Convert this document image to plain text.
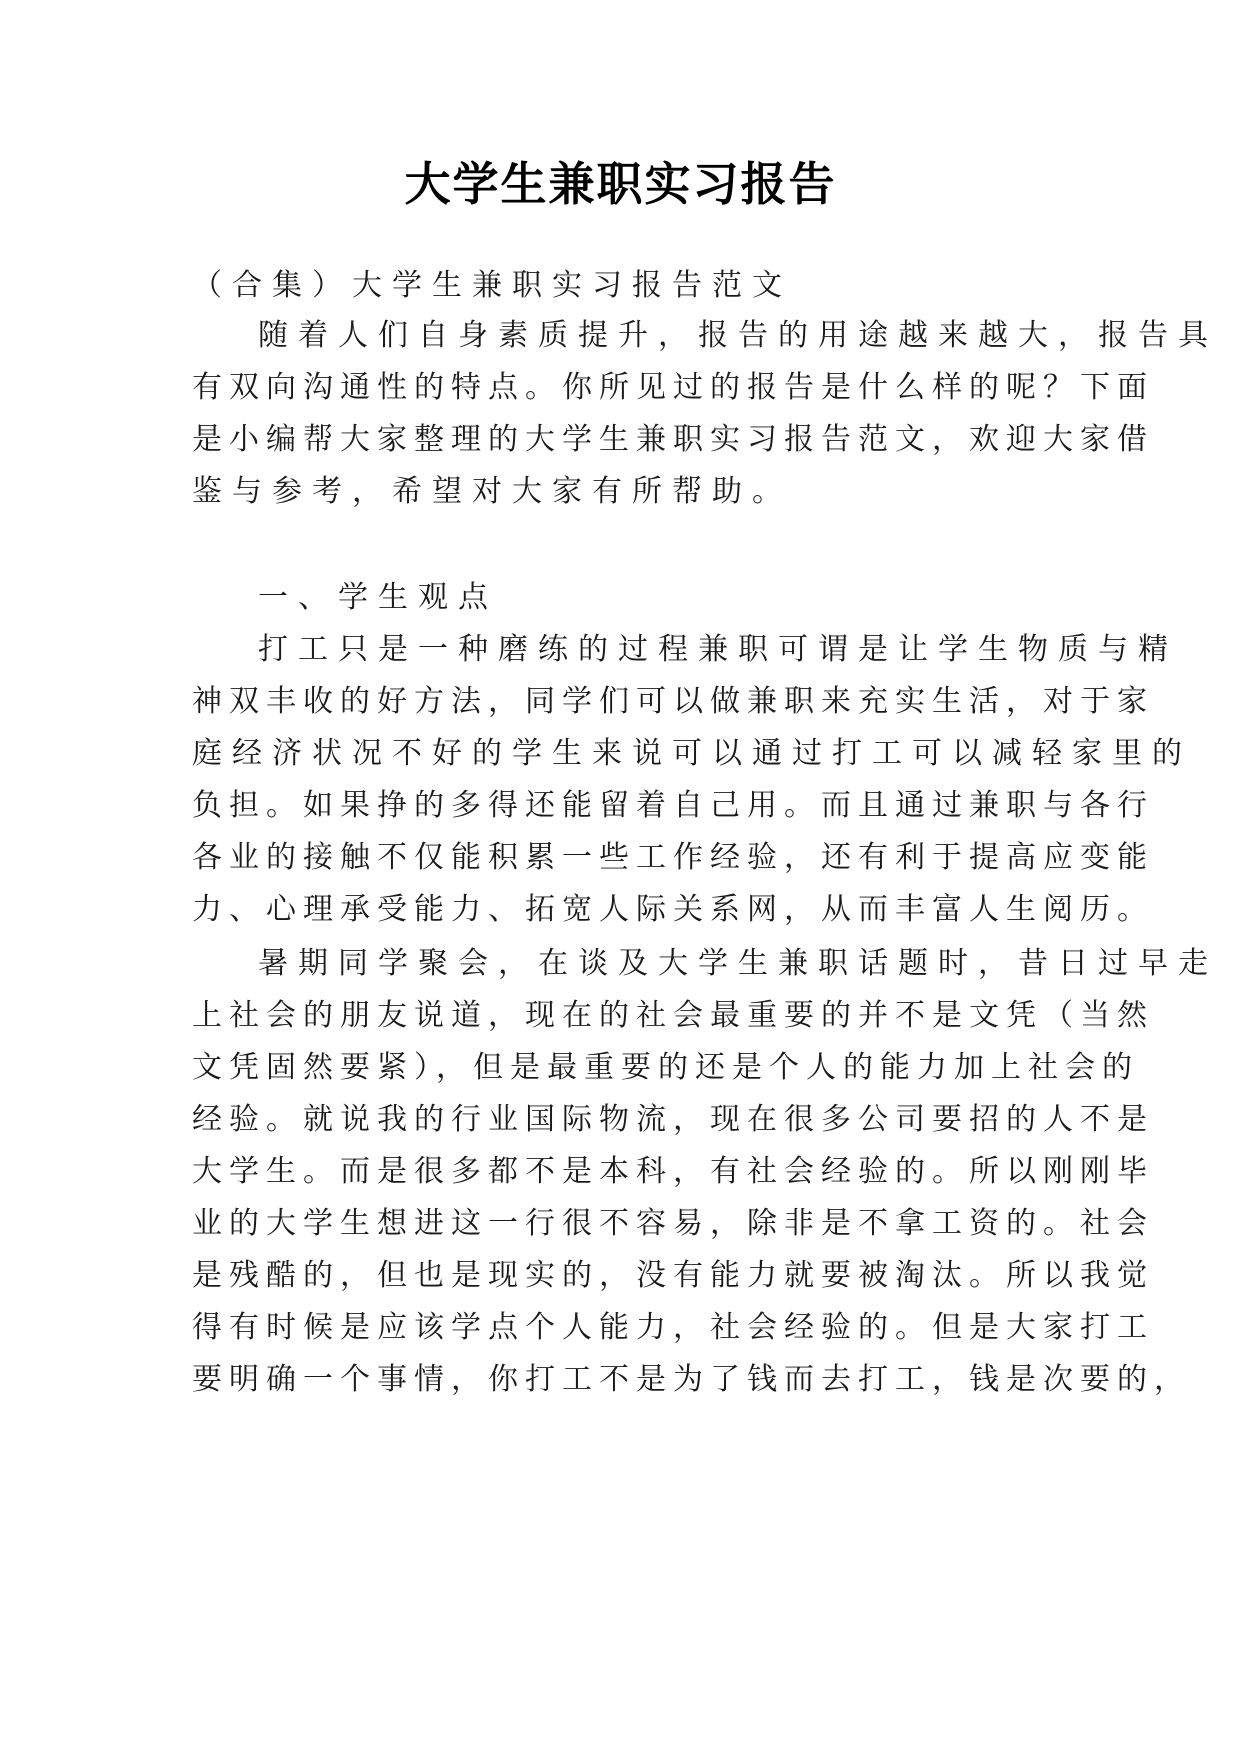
大学生兼职实习报告
（合集）大学生兼职实习报告范文
随着人们自身素质提升，报告的用途越来越大，报告具
有双向沟通性的特点。你所见过的报告是什么样的呢？下面
是小编帮大家整理的大学生兼职实习报告范文，欢迎大家借
鉴与参考，希望对大家有所帮助。
一、学生观点
打工只是一种磨练的过程兼职可谓是让学生物质与精
神双丰收的好方法，同学们可以做兼职来充实生活，对于家
庭经济状况不好的学生来说可以通过打工可以减轻家里的
负担。如果挣的多得还能留着自己用。而且通过兼职与各行
各业的接触不仅能积累一些工作经验，还有利于提高应变能
力、心理承受能力、拓宽人际关系网，从而丰富人生阅历。
暑期同学聚会，在谈及大学生兼职话题时，昔日过早走
上社会的朋友说道，现在的社会最重要的并不是文凭（当然
文凭固然要紧），但是最重要的还是个人的能力加上社会的
经验。就说我的行业国际物流，现在很多公司要招的人不是
大学生。而是很多都不是本科，有社会经验的。所以刚刚毕
业的大学生想进这一行很不容易，除非是不拿工资的。社会
是残酷的，但也是现实的，没有能力就要被淘汰。所以我觉
得有时候是应该学点个人能力，社会经验的。但是大家打工
要明确一个事情，你打工不是为了钱而去打工，钱是次要的，
